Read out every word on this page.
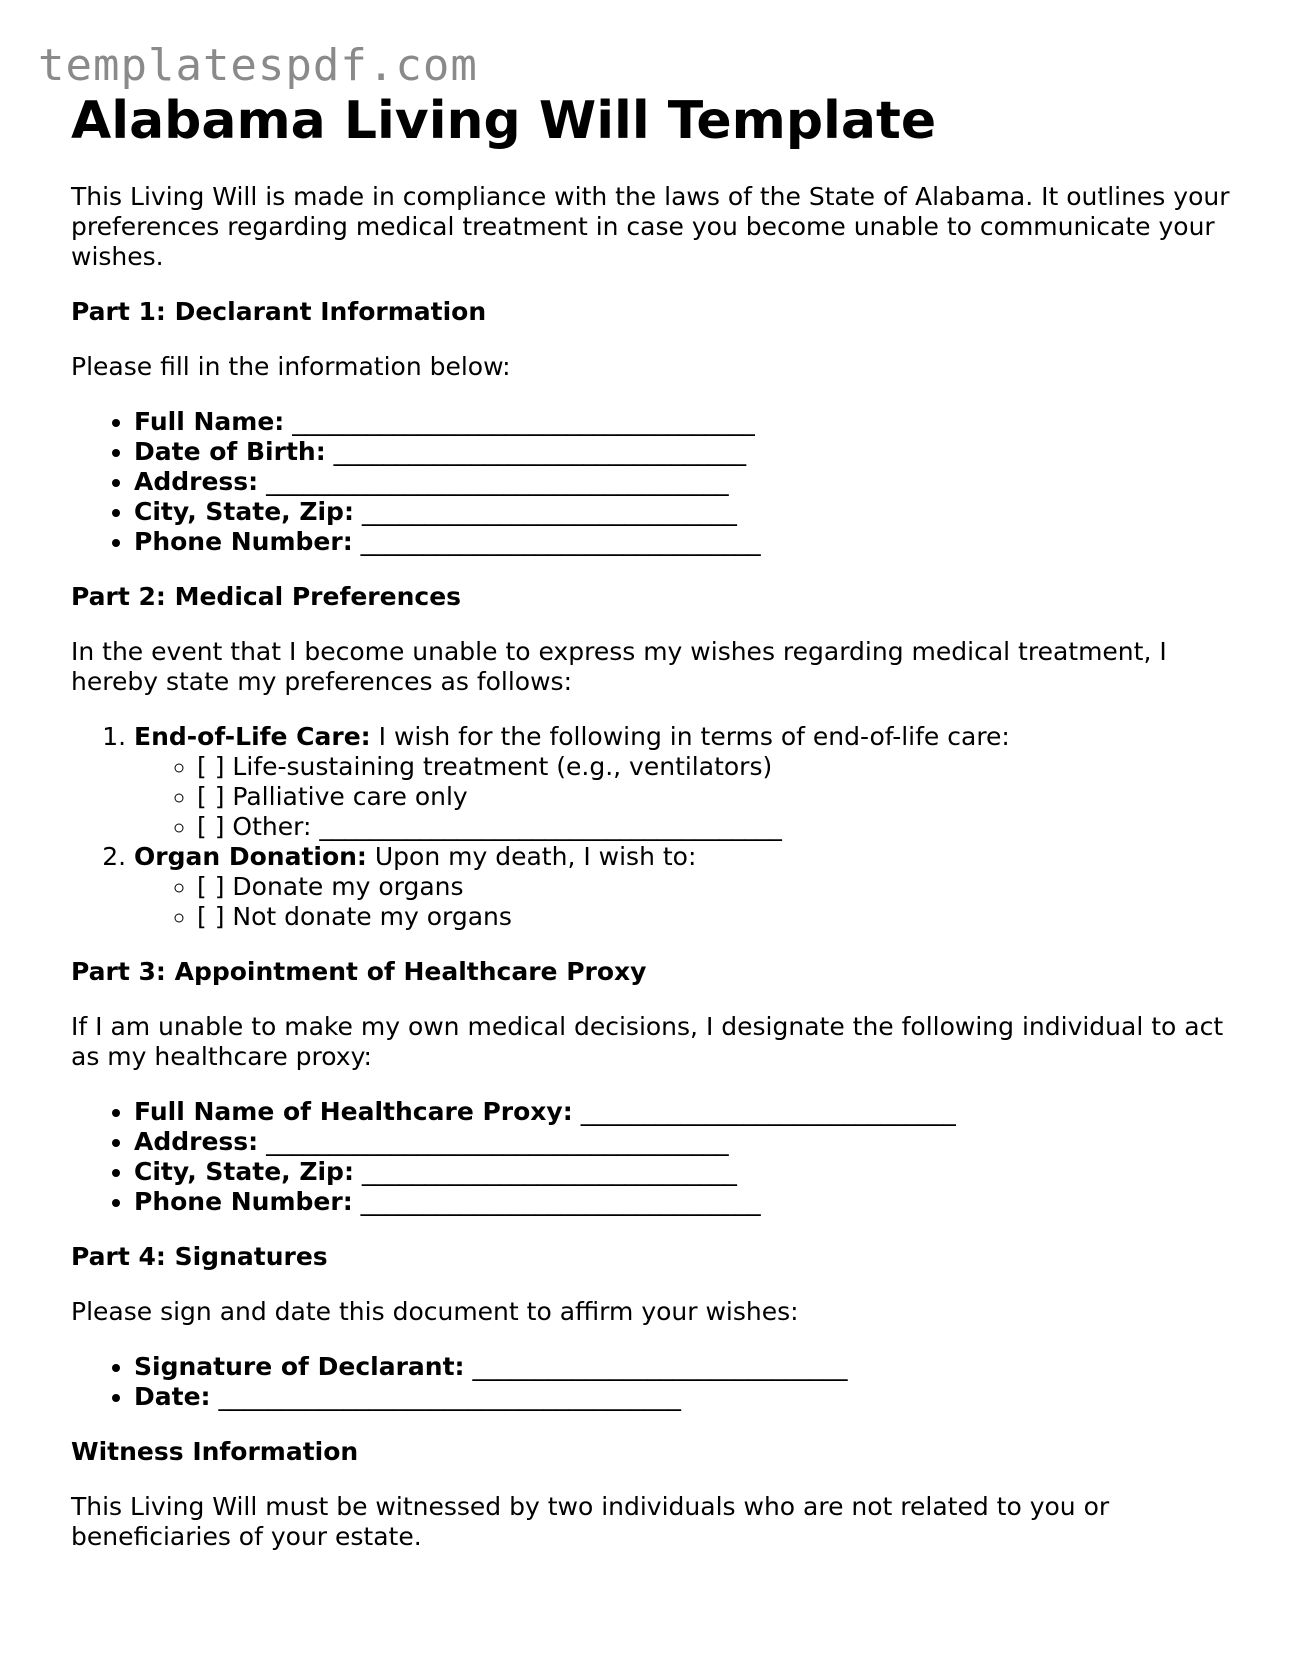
templatespdf.com
Alabama Living Will Template

This Living Will is made in compliance with the laws of the State of Alabama. It outlines your preferences regarding medical treatment in case you become unable to communicate your wishes.

Part 1: Declarant Information

Please fill in the information below:

• Full Name: _____________________________________
• Date of Birth: _________________________________
• Address: _____________________________________
• City, State, Zip: ______________________________
• Phone Number: ________________________________
Part 2: Medical Preferences

In the event that I become unable to express my wishes regarding medical treatment, I hereby state my preferences as follows:

1. End-of-Life Care: I wish for the following in terms of end-of-life care:
◦ [ ] Life-sustaining treatment (e.g., ventilators)
◦ [ ] Palliative care only
◦ [ ] Other: _____________________________________
2. Organ Donation: Upon my death, I wish to:
◦ [ ] Donate my organs
◦ [ ] Not donate my organs
Part 3: Appointment of Healthcare Proxy

If I am unable to make my own medical decisions, I designate the following individual to act as my healthcare proxy:

• Full Name of Healthcare Proxy: ______________________________
• Address: _____________________________________
• City, State, Zip: ______________________________
• Phone Number: ________________________________
Part 4: Signatures

Please sign and date this document to affirm your wishes:

• Signature of Declarant: ______________________________
• Date: _____________________________________
Witness Information

This Living Will must be witnessed by two individuals who are not related to you or beneficiaries of your estate.
